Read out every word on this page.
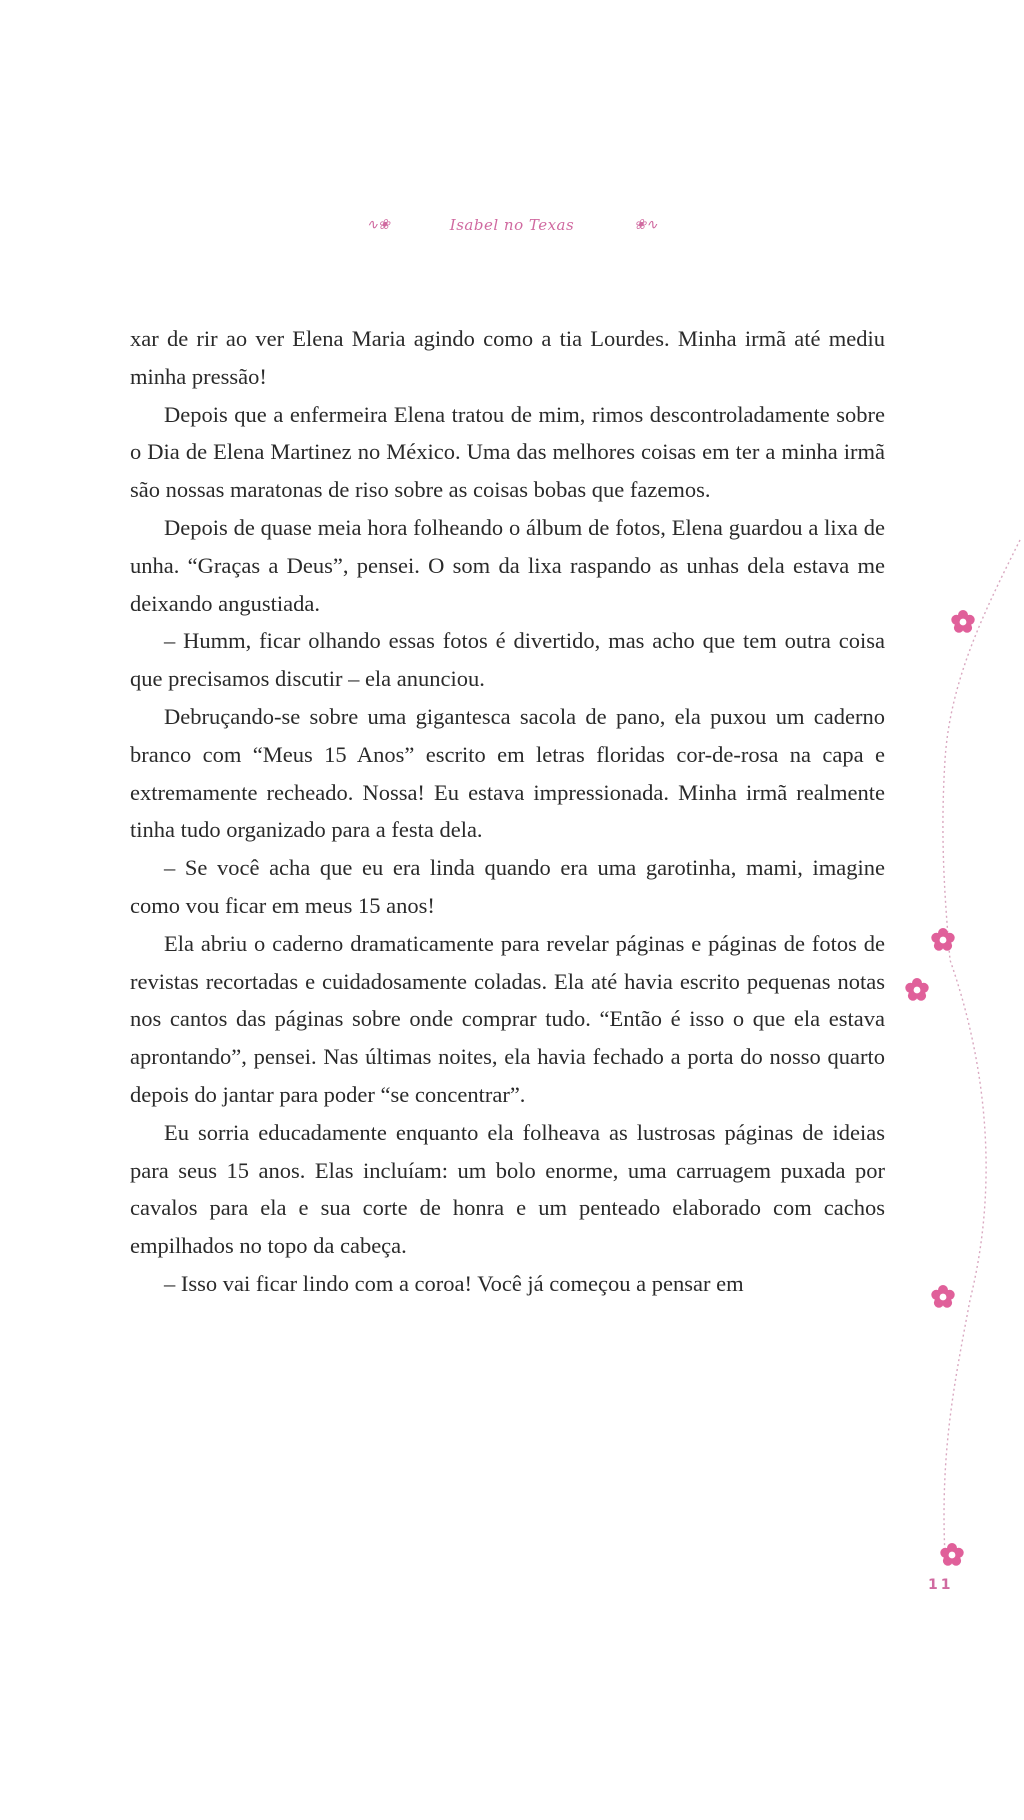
∿❀	Isabel no Texas	❀∿

xar de rir ao ver Elena Maria agindo como a tia Lourdes. Minha irmã até mediu minha pressão!

Depois que a enfermeira Elena tratou de mim, rimos descontroladamente sobre o Dia de Elena Martinez no México. Uma das melhores coisas em ter a minha irmã são nossas maratonas de riso sobre as coisas bobas que fazemos.

Depois de quase meia hora folheando o álbum de fotos, Elena guardou a lixa de unha. “Graças a Deus”, pensei. O som da lixa raspando as unhas dela estava me deixando angustiada.

– Humm, ficar olhando essas fotos é divertido, mas acho que tem outra coisa que precisamos discutir – ela anunciou.

Debruçando-se sobre uma gigantesca sacola de pano, ela puxou um caderno branco com “Meus 15 Anos” escrito em letras floridas cor-de-rosa na capa e extremamente recheado. Nossa! Eu estava impressionada. Minha irmã realmente tinha tudo organizado para a festa dela.

– Se você acha que eu era linda quando era uma garotinha, mami, imagine como vou ficar em meus 15 anos!

Ela abriu o caderno dramaticamente para revelar páginas e páginas de fotos de revistas recortadas e cuidadosamente coladas. Ela até havia escrito pequenas notas nos cantos das páginas sobre onde comprar tudo. “Então é isso o que ela estava aprontando”, pensei. Nas últimas noites, ela havia fechado a porta do nosso quarto depois do jantar para poder “se concentrar”.

Eu sorria educadamente enquanto ela folheava as lustrosas páginas de ideias para seus 15 anos. Elas incluíam: um bolo enorme, uma carruagem puxada por cavalos para ela e sua corte de honra e um penteado elaborado com cachos empilhados no topo da cabeça.

– Isso vai ficar lindo com a coroa! Você já começou a pensar em

11
